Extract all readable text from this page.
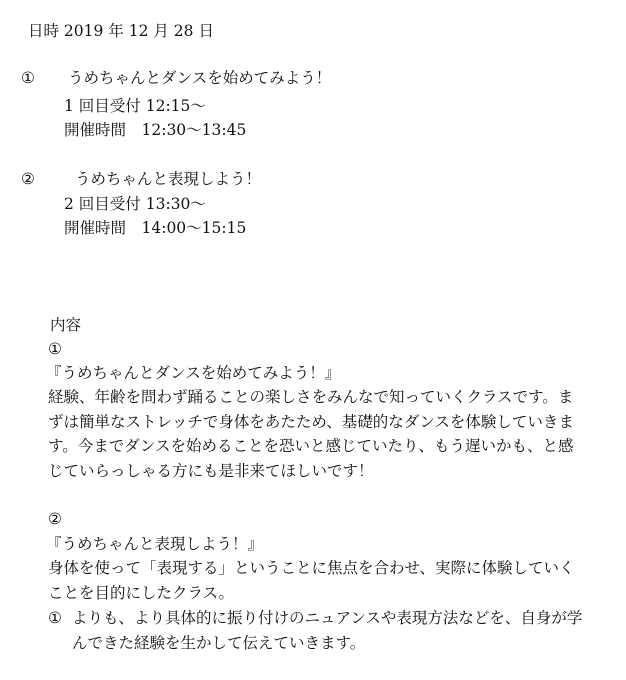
日時 2019 年 12 月 28 日
① うめちゃんとダンスを始めてみよう！
1 回目受付 12:15〜
開催時間　12:30〜13:45
②	うめちゃんと表現しよう！
2 回目受付 13:30〜
開催時間　14:00〜15:15
内容
①
『うめちゃんとダンスを始めてみよう！』
経験、年齢を問わず踊ることの楽しさをみんなで知っていくクラスです。ま
ずは簡単なストレッチで身体をあたため、基礎的なダンスを体験していきま
す。今までダンスを始めることを恐いと感じていたり、もう遅いかも、と感
じていらっしゃる方にも是非来てほしいです！
②
『うめちゃんと表現しよう！』
身体を使って「表現する」ということに焦点を合わせ、実際に体験していく
ことを目的にしたクラス。
① よりも、より具体的に振り付けのニュアンスや表現方法などを、自身が学
んできた経験を生かして伝えていきます。
